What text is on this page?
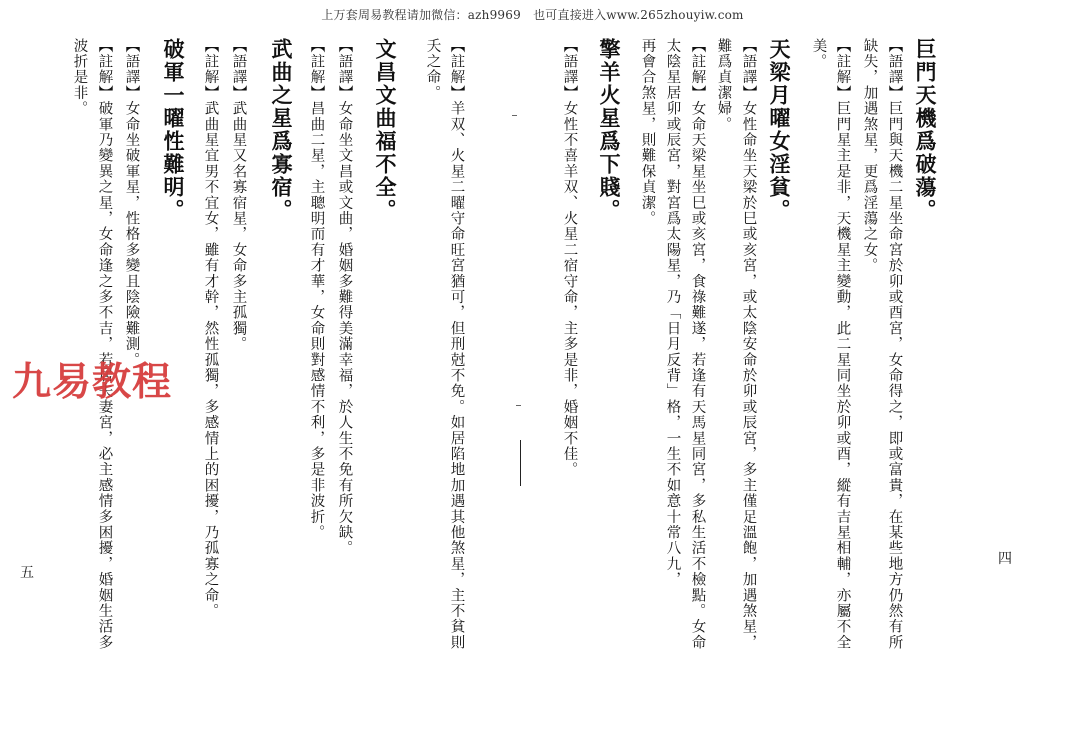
上万套周易教程请加微信：azh9969　也可直接进入www.265zhouyiw.com
巨門天機爲破蕩。
【語譯】巨門與天機二星坐命宮於卯或酉宮，女命得之，即或富貴，在某些地方仍然有所
缺失，加遇煞星，更爲淫蕩之女。
【註解】巨門星主是非，天機星主變動，此二星同坐於卯或酉，縱有吉星相輔，亦屬不全
美。
天梁月曜女淫貧。
【語譯】女性命坐天梁於巳或亥宮，或太陰安命於卯或辰宮，多主僅足溫飽，加遇煞星，
難爲貞潔婦。
【註解】女命天梁星坐巳或亥宮，食祿難遂，若逢有天馬星同宮，多私生活不檢點。女命
太陰星居卯或辰宮，對宮爲太陽星，乃「日月反背」格，一生不如意十常八九，
再會合煞星，則難保貞潔。
擎羊火星爲下賤。
【語譯】女性不喜羊双、火星二宿守命，主多是非，婚姻不佳。
【註解】羊双、火星二曜守命旺宮猶可，但刑尅不免。如居陷地加遇其他煞星，主不貧則
夭之命。
文昌文曲福不全。
【語譯】女命坐文昌或文曲，婚姻多難得美滿幸福，於人生不免有所欠缺。
【註解】昌曲二星，主聰明而有才華，女命則對感情不利，多是非波折。
武曲之星爲寡宿。
【語譯】武曲星又名寡宿星，女命多主孤獨。
【註解】武曲星宜男不宜女，雖有才幹，然性孤獨，多感情上的困擾，乃孤寡之命。
破軍一曜性難明。
【語譯】女命坐破軍星，性格多變且陰險難測。
【註解】破軍乃變異之星，女命逢之多不吉，若居夫妻宮，必主感情多困擾，婚姻生活多
波折是非。
四
五
九易教程
